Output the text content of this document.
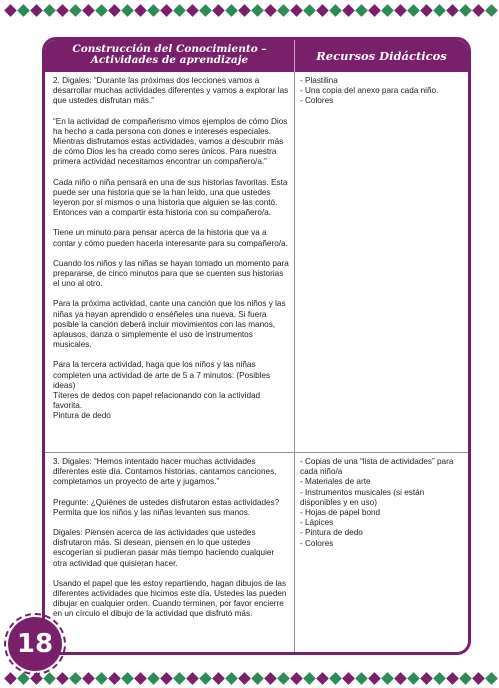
Construcción del Conocimiento –
Actividades de aprendizaje	Recursos Didácticos

2. Digales: “Durante las próximas dos lecciones vamos a desarrollar muchas actividades diferentes y vamos a explorar las que ustedes disfrutan más.”

“En la actividad de compañerismo vimos ejemplos de cómo Dios ha hecho a cada persona con dones e intereses especiales. Mientras disfrutamos estas actividades, vamos a descubrir más de cómo Dios les ha creado como seres únicos. Para nuestra primera actividad necesitamos encontrar un compañero/a.”

Cada niño o niña pensará en una de sus historias favoritas. Esta puede ser una historia que se la han leído, una que ustedes leyeron por sí mismos o una historia que alguien se las contó. Entonces van a compartir esta historia con su compañero/a.

Tiene un minuto para pensar acerca de la historia que va a contar y cómo pueden hacerla interesante para su compañero/a.

Cuando los niños y las niñas se hayan tomado un momento para prepararse, de cinco minutos para que se cuenten sus historias el uno al otro.

Para la próxima actividad, cante una canción que los niños y las niñas ya hayan aprendido o enséñeles una nueva. Si fuera posible la canción deberá incluir movimientos con las manos, aplausos, danza o simplemente el uso de instrumentos musicales.

Para la tercera actividad, haga que los niños y las niñas completen una actividad de arte de 5 a 7 minutos: (Posibles ideas)

Títeres de dedos con papel relacionando con la actividad favorita.

Pintura de dedo

- Plastilina
- Una copia del anexo para cada niño.
- Colores

3. Digales: “Hemos intentado hacer muchas actividades diferentes este día. Contamos historias, cantamos canciones, completamos un proyecto de arte y jugamos.”

Pregunte: ¿Quiénes de ustedes disfrutaron estas actividades? Permita que los niños y las niñas levanten sus manos.

Digales: Piensen acerca de las actividades que ustedes disfrutaron más. Si desean, piensen en lo que ustedes escogerían si pudieran pasar más tiempo haciendo cualquier otra actividad que quisieran hacer.

Usando el papel que les estoy repartiendo, hagan dibujos de las diferentes actividades que hicimos este día. Ustedes las pueden dibujar en cualquier orden. Cuando terminen, por favor encierre en un círculo el dibujo de la actividad que disfrutó más.

- Copias de una “lista de actividades” para cada niño/a
- Materiales de arte
- Instrumentos musicales (si están disponibles y en uso)
- Hojas de papel bond
- Lápices
- Pintura de dedo
- Colores
18
